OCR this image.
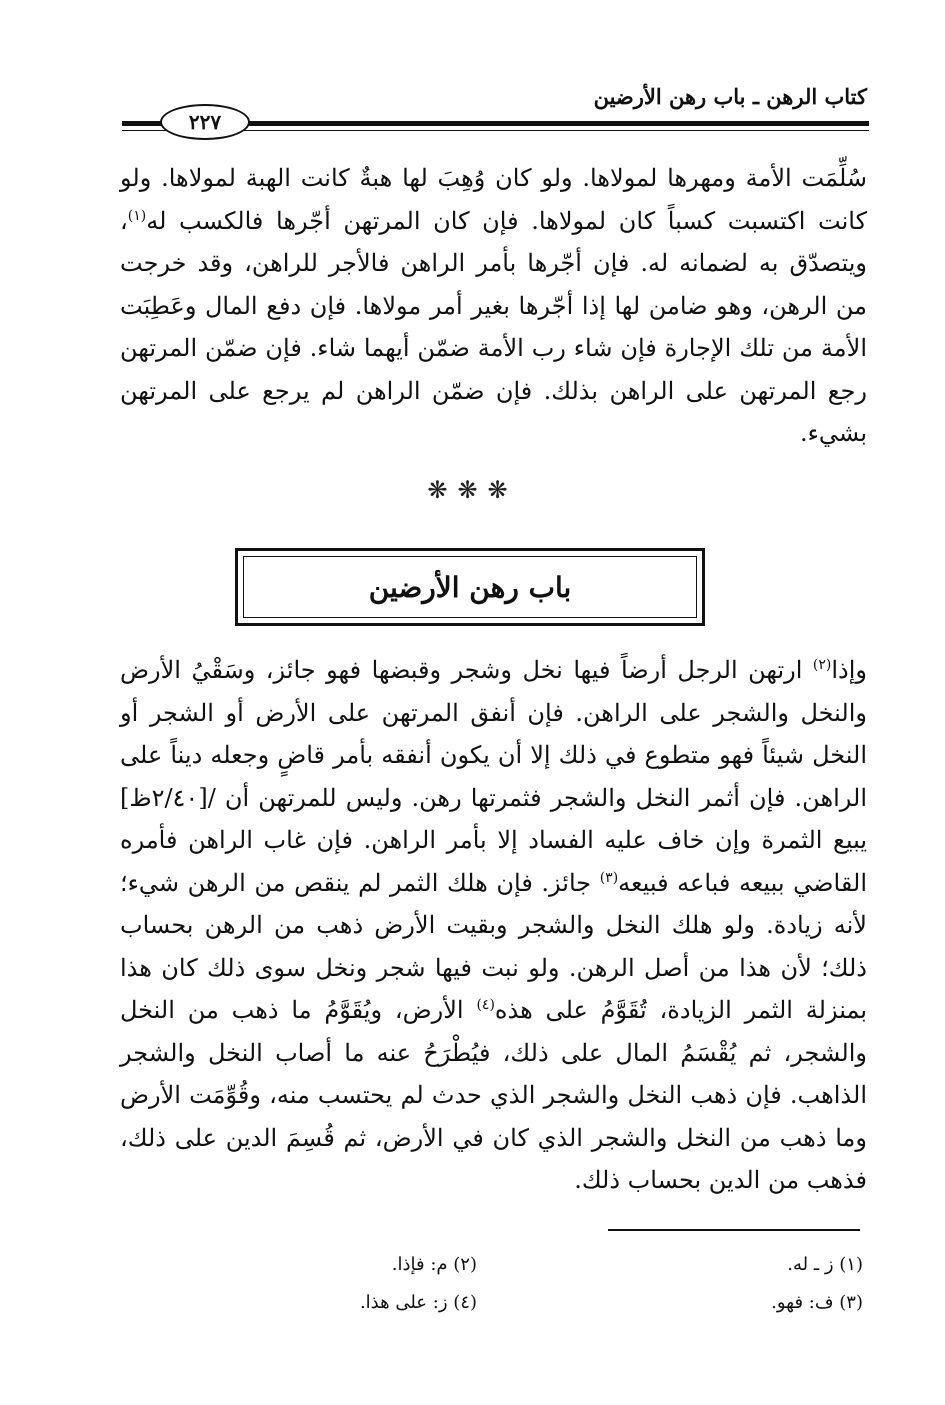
كتاب الرهن ـ باب رهن الأرضين
٢٢٧

سُلِّمَت الأمة ومهرها لمولاها. ولو كان وُهِبَ لها هبةٌ كانت الهبة لمولاها. ولو كانت اكتسبت كسباً كان لمولاها. فإن كان المرتهن أجّرها فالكسب له$^{(١)}$، ويتصدّق به لضمانه له. فإن أجّرها بأمر الراهن فالأجر للراهن، وقد خرجت من الرهن، وهو ضامن لها إذا أجّرها بغير أمر مولاها. فإن دفع المال وعَطِبَت الأمة من تلك الإجارة فإن شاء رب الأمة ضمّن أيهما شاء. فإن ضمّن المرتهن رجع المرتهن على الراهن بذلك. فإن ضمّن الراهن لم يرجع على المرتهن بشيء.

❋❋❋
باب رهن الأرضين

وإذا$^{(٢)}$ ارتهن الرجل أرضاً فيها نخل وشجر وقبضها فهو جائز، وسَقْيُ الأرض والنخل والشجر على الراهن. فإن أنفق المرتهن على الأرض أو الشجر أو النخل شيئاً فهو متطوع في ذلك إلا أن يكون أنفقه بأمر قاضٍ وجعله ديناً على الراهن. فإن أثمر النخل والشجر فثمرتها رهن. وليس للمرتهن أن /[٢/٤٠ظ] يبيع الثمرة وإن خاف عليه الفساد إلا بأمر الراهن. فإن غاب الراهن فأمره القاضي ببيعه فباعه فبيعه$^{(٣)}$ جائز. فإن هلك الثمر لم ينقص من الرهن شيء؛ لأنه زيادة. ولو هلك النخل والشجر وبقيت الأرض ذهب من الرهن بحساب ذلك؛ لأن هذا من أصل الرهن. ولو نبت فيها شجر ونخل سوى ذلك كان هذا بمنزلة الثمر الزيادة، تُقَوَّمُ على هذه$^{(٤)}$ الأرض، ويُقَوَّمُ ما ذهب من النخل والشجر، ثم يُقْسَمُ المال على ذلك، فيُطْرَحُ عنه ما أصاب النخل والشجر الذاهب. فإن ذهب النخل والشجر الذي حدث لم يحتسب منه، وقُوِّمَت الأرض وما ذهب من النخل والشجر الذي كان في الأرض، ثم قُسِمَ الدين على ذلك، فذهب من الدين بحساب ذلك.

(١) ز ـ له.
(٢) م: فإذا.
(٣) ف: فهو.
(٤) ز: على هذا.
